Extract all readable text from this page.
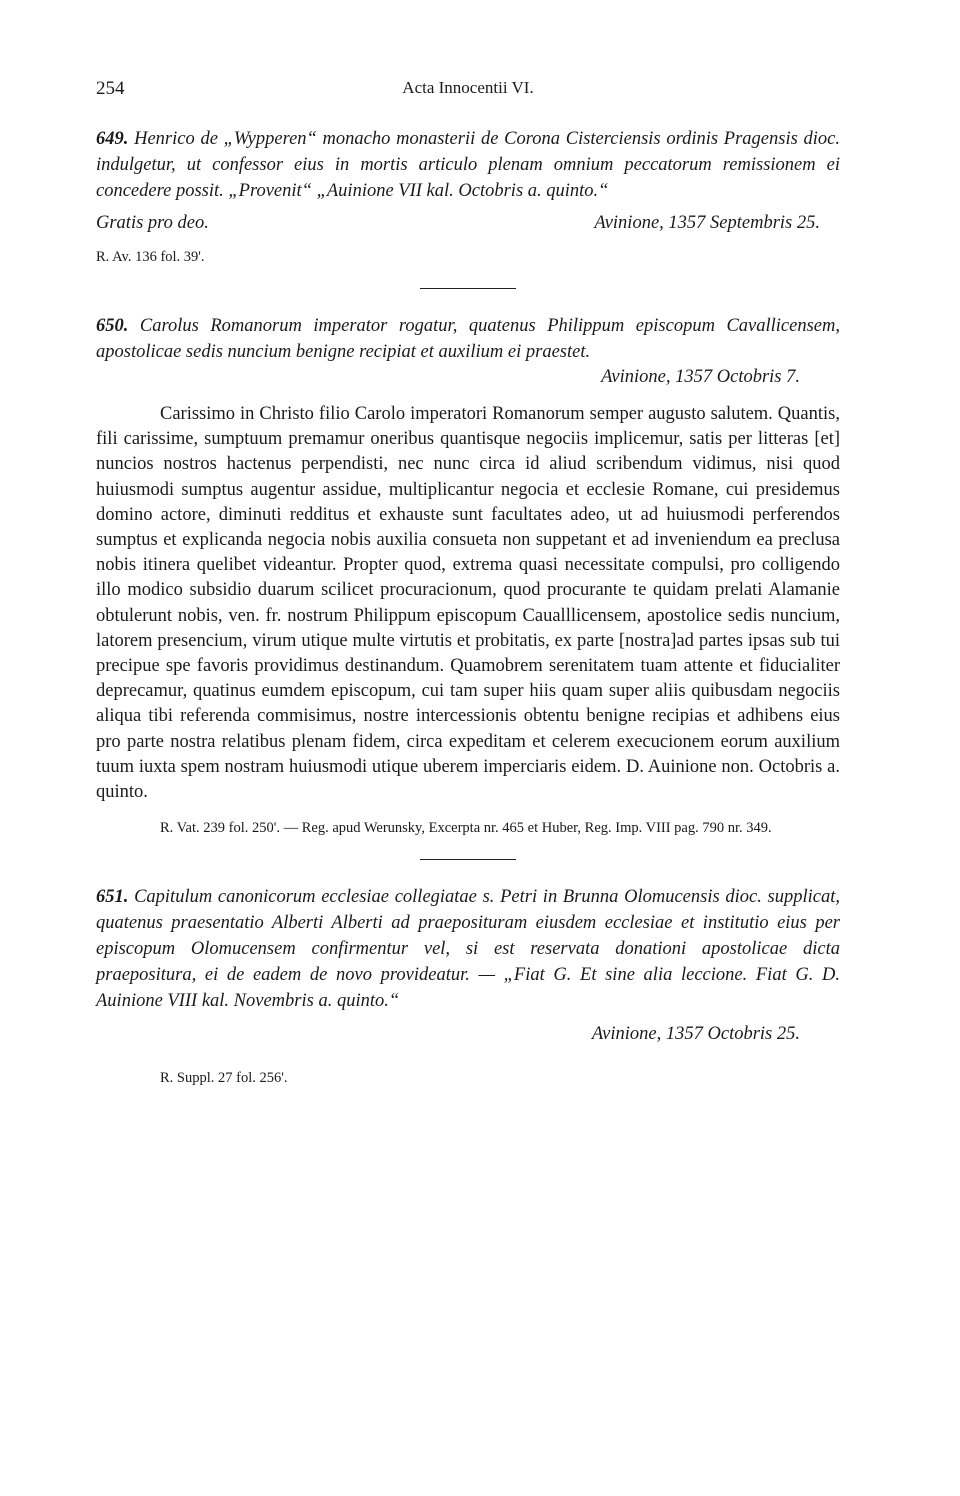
254	Acta Innocentii VI.
649. Henrico de „Wypperen“ monacho monasterii de Corona Cisterciensis ordinis Pragensis dioc. indulgetur, ut confessor eius in mortis articulo plenam omnium peccatorum remissionem ei concedere possit. „Provenit“ „Auinione VII kal. Octobris a. quinto.“
Gratis pro deo.	Avinione, 1357 Septembris 25.
R. Av. 136 fol. 39'.
650. Carolus Romanorum imperator rogatur, quatenus Philippum episcopum Cavallicensem, apostolicae sedis nuncium benigne recipiat et auxilium ei praestet.
Avinione, 1357 Octobris 7.

Carissimo in Christo filio Carolo imperatori Romanorum semper augusto salutem. Quantis, fili carissime, sumptuum premamur oneribus quantisque negociis implicemur, satis per litteras [et] nuncios nostros hactenus perpendisti, nec nunc circa id aliud scribendum vidimus, nisi quod huiusmodi sumptus augentur assidue, multiplicantur negocia et ecclesie Romane, cui presidemus domino actore, diminuti redditus et exhauste sunt facultates adeo, ut ad huiusmodi perferendos sumptus et explicanda negocia nobis auxilia consueta non suppetant et ad inveniendum ea preclusa nobis itinera quelibet videantur. Propter quod, extrema quasi necessitate compulsi, pro colligendo illo modico subsidio duarum scilicet procuracionum, quod procurante te quidam prelati Alamanie obtulerunt nobis, ven. fr. nostrum Philippum episcopum Caualllicensem, apostolice sedis nuncium, latorem presencium, virum utique multe virtutis et probitatis, ex parte [nostra]ad partes ipsas sub tui precipue spe favoris providimus destinandum. Quamobrem serenitatem tuam attente et fiducialiter deprecamur, quatinus eumdem episcopum, cui tam super hiis quam super aliis quibusdam negociis aliqua tibi referenda commisimus, nostre intercessionis obtentu benigne recipias et adhibens eius pro parte nostra relatibus plenam fidem, circa expeditam et celerem execucionem eorum auxilium tuum iuxta spem nostram huiusmodi utique uberem imperciaris eidem. D. Auinione non. Octobris a. quinto.

R. Vat. 239 fol. 250'. — Reg. apud Werunsky, Excerpta nr. 465 et Huber, Reg. Imp. VIII pag. 790 nr. 349.
651. Capitulum canonicorum ecclesiae collegiatae s. Petri in Brunna Olomucensis dioc. supplicat, quatenus praesentatio Alberti Alberti ad praeposituram eiusdem ecclesiae et institutio eius per episcopum Olomucensem confirmentur vel, si est reservata donationi apostolicae dicta praepositura, ei de eadem de novo provideatur. — „Fiat G. Et sine alia leccione. Fiat G. D. Auinione VIII kal. Novembris a. quinto.“
Avinione, 1357 Octobris 25.
R. Suppl. 27 fol. 256'.
